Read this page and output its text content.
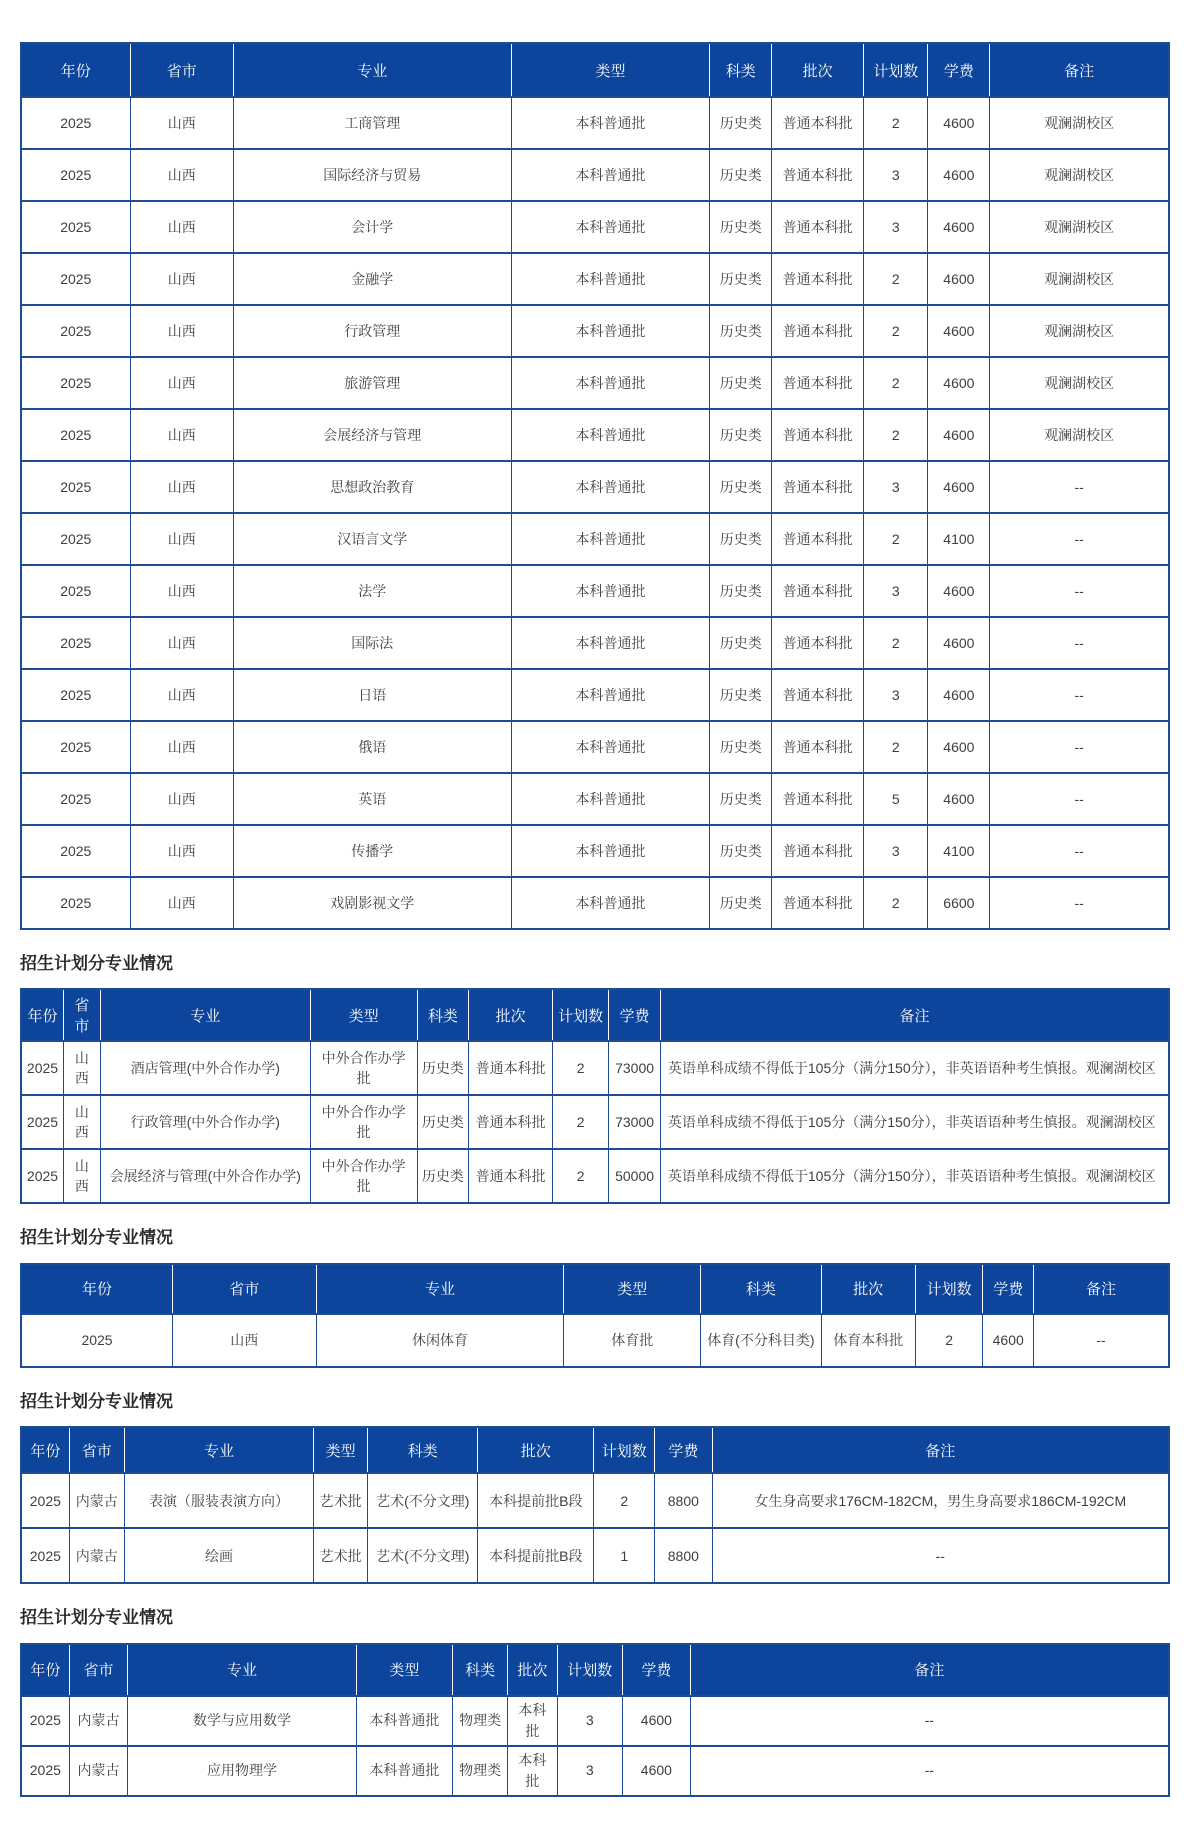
年份	省市	专业	类型	科类	批次	计划数	学费	备注
2025	山西	工商管理	本科普通批	历史类	普通本科批	2	4600	观澜湖校区
2025	山西	国际经济与贸易	本科普通批	历史类	普通本科批	3	4600	观澜湖校区
2025	山西	会计学	本科普通批	历史类	普通本科批	3	4600	观澜湖校区
2025	山西	金融学	本科普通批	历史类	普通本科批	2	4600	观澜湖校区
2025	山西	行政管理	本科普通批	历史类	普通本科批	2	4600	观澜湖校区
2025	山西	旅游管理	本科普通批	历史类	普通本科批	2	4600	观澜湖校区
2025	山西	会展经济与管理	本科普通批	历史类	普通本科批	2	4600	观澜湖校区
2025	山西	思想政治教育	本科普通批	历史类	普通本科批	3	4600	--
2025	山西	汉语言文学	本科普通批	历史类	普通本科批	2	4100	--
2025	山西	法学	本科普通批	历史类	普通本科批	3	4600	--
2025	山西	国际法	本科普通批	历史类	普通本科批	2	4600	--
2025	山西	日语	本科普通批	历史类	普通本科批	3	4600	--
2025	山西	俄语	本科普通批	历史类	普通本科批	2	4600	--
2025	山西	英语	本科普通批	历史类	普通本科批	5	4600	--
2025	山西	传播学	本科普通批	历史类	普通本科批	3	4100	--
2025	山西	戏剧影视文学	本科普通批	历史类	普通本科批	2	6600	--
招生计划分专业情况
年份	省市	专业	类型	科类	批次	计划数	学费	备注
2025	山西	酒店管理(中外合作办学)	中外合作办学批	历史类	普通本科批	2	73000	英语单科成绩不得低于105分（满分150分），非英语语种考生慎报。观澜湖校区
2025	山西	行政管理(中外合作办学)	中外合作办学批	历史类	普通本科批	2	73000	英语单科成绩不得低于105分（满分150分），非英语语种考生慎报。观澜湖校区
2025	山西	会展经济与管理(中外合作办学)	中外合作办学批	历史类	普通本科批	2	50000	英语单科成绩不得低于105分（满分150分），非英语语种考生慎报。观澜湖校区
招生计划分专业情况
年份	省市	专业	类型	科类	批次	计划数	学费	备注
2025	山西	休闲体育	体育批	体育(不分科目类)	体育本科批	2	4600	--
招生计划分专业情况
年份	省市	专业	类型	科类	批次	计划数	学费	备注
2025	内蒙古	表演（服装表演方向）	艺术批	艺术(不分文理)	本科提前批B段	2	8800	女生身高要求176CM-182CM，男生身高要求186CM-192CM
2025	内蒙古	绘画	艺术批	艺术(不分文理)	本科提前批B段	1	8800	--
招生计划分专业情况
年份	省市	专业	类型	科类	批次	计划数	学费	备注
2025	内蒙古	数学与应用数学	本科普通批	物理类	本科批	3	4600	--
2025	内蒙古	应用物理学	本科普通批	物理类	本科批	3	4600	--
